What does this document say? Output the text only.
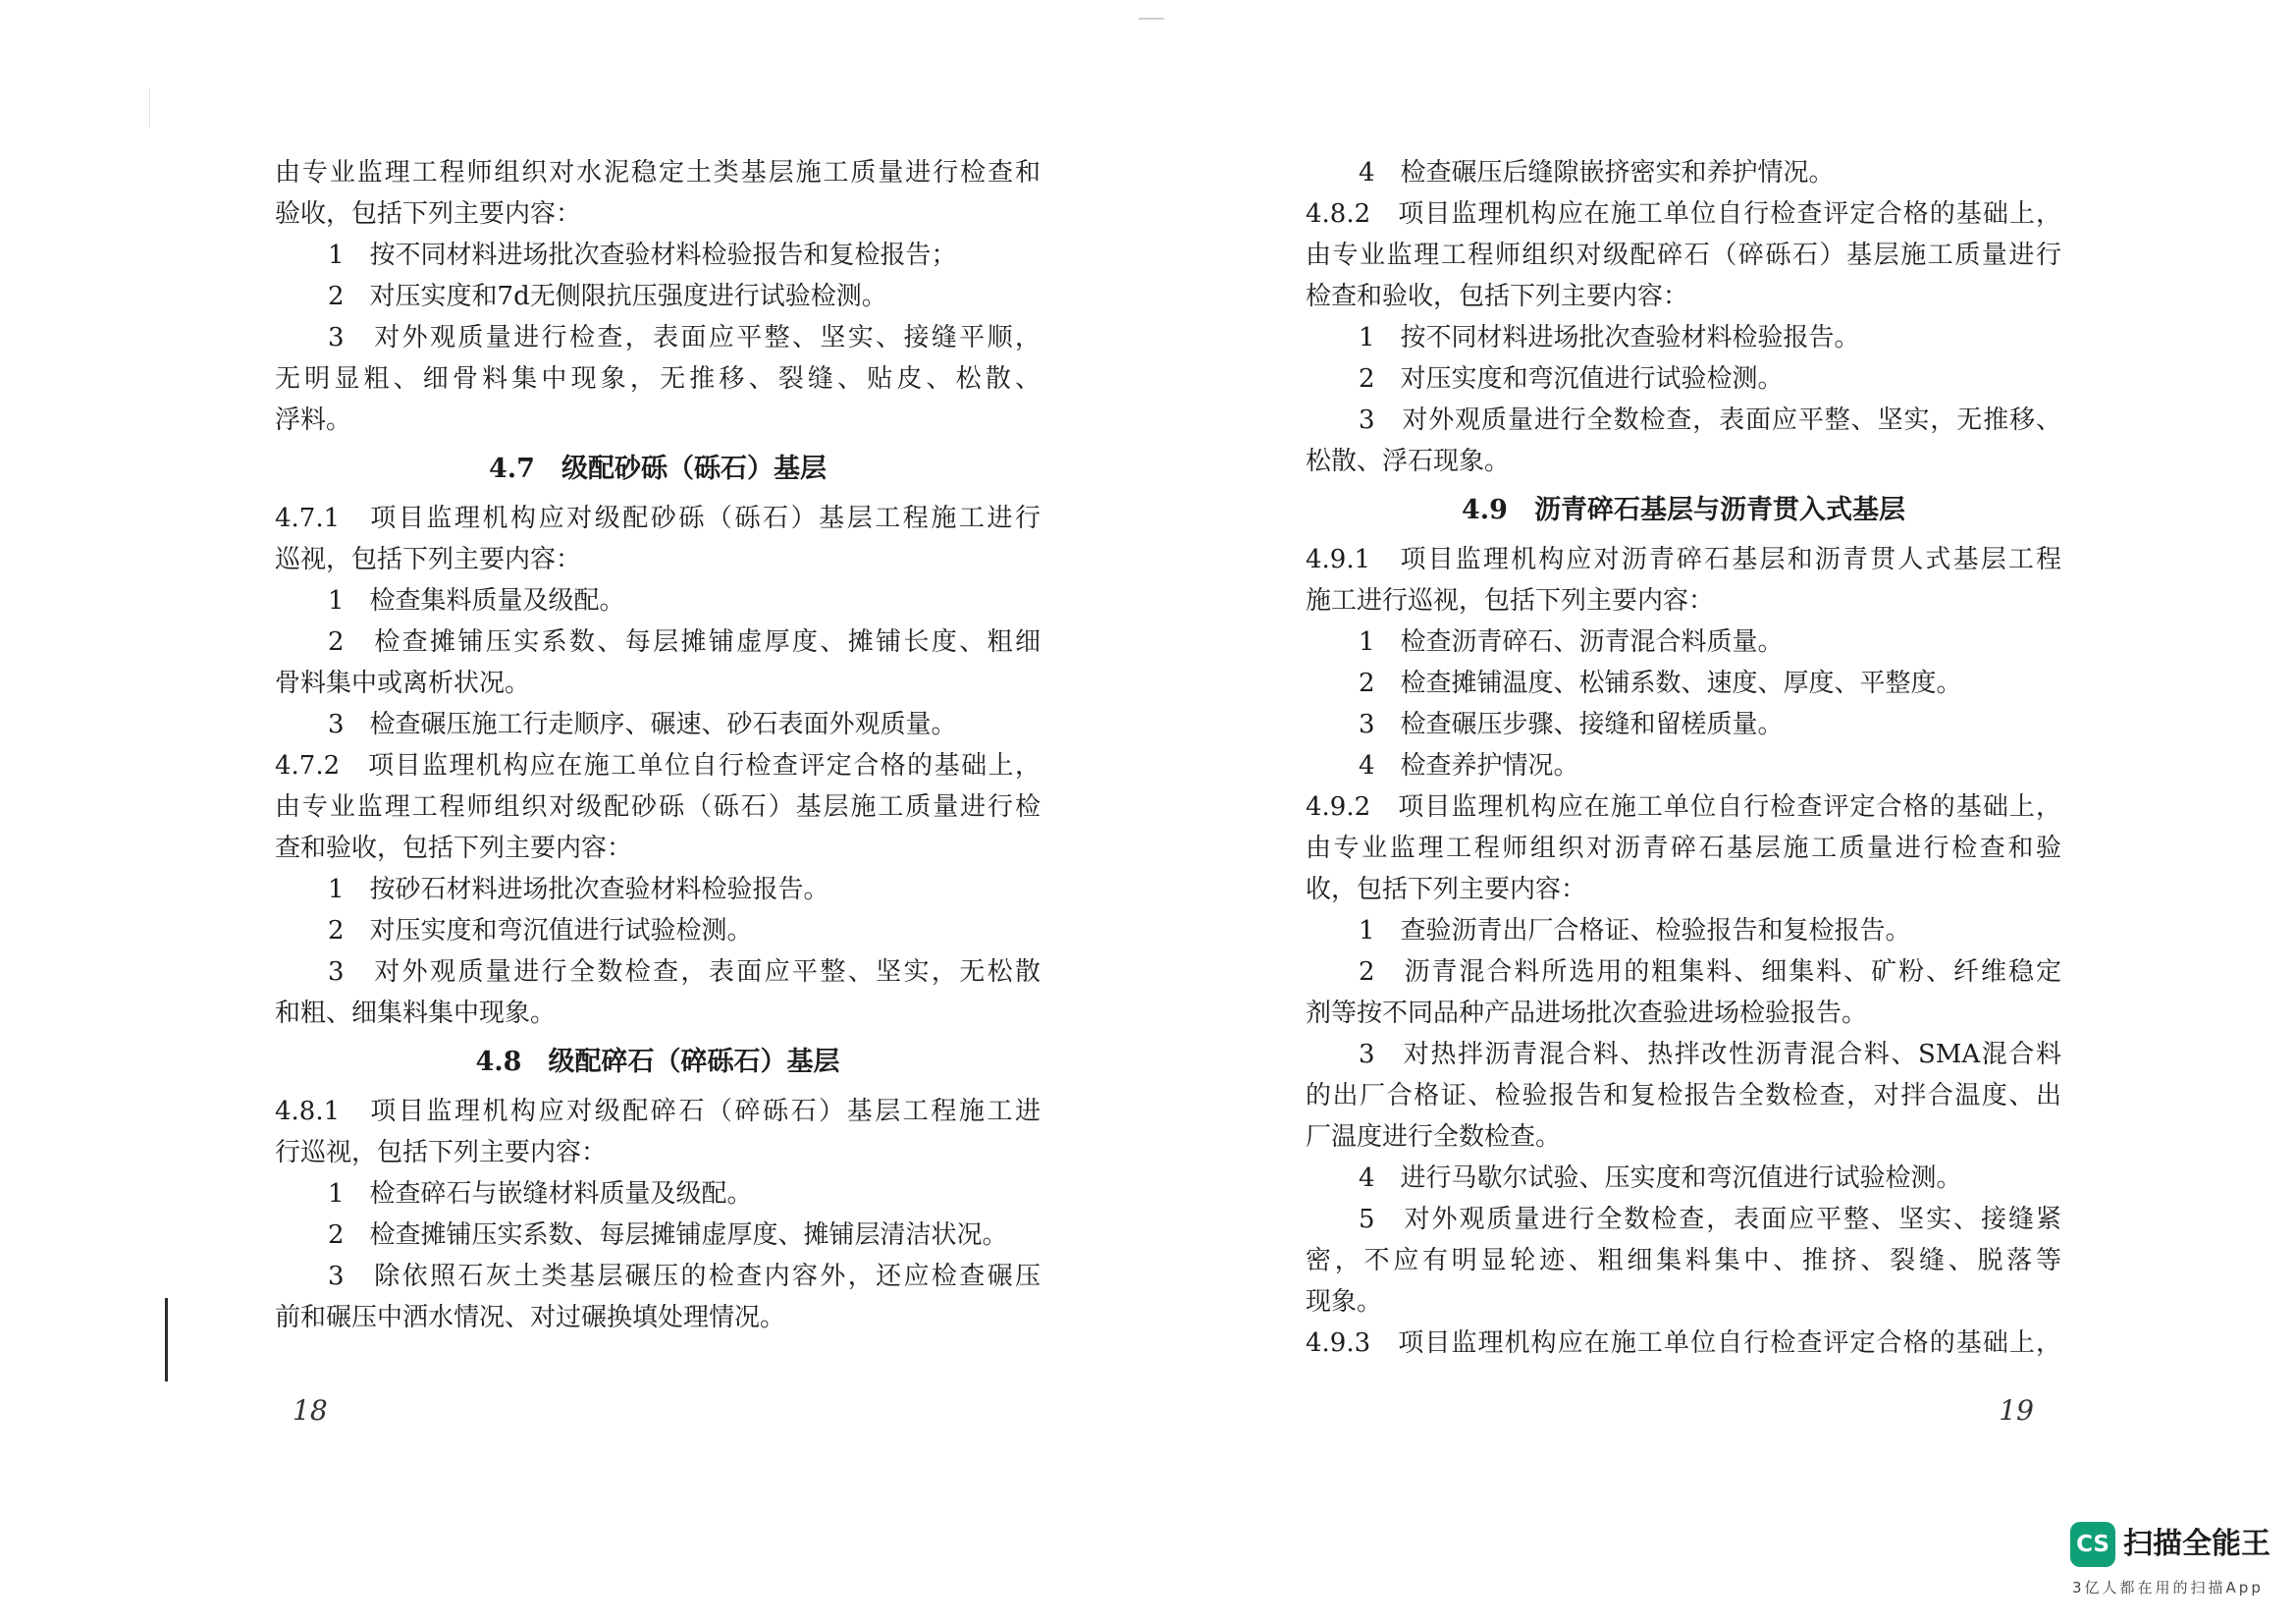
由专业监理工程师组织对水泥稳定土类基层施工质量进行检查和
验收，包括下列主要内容：
1　按不同材料进场批次查验材料检验报告和复检报告；
2　对压实度和7d无侧限抗压强度进行试验检测。
3　对外观质量进行检查，表面应平整、坚实、接缝平顺，
无明显粗、细骨料集中现象，无推移、裂缝、贴皮、松散、
浮料。
4.7　级配砂砾（砾石）基层
4.7.1　项目监理机构应对级配砂砾（砾石）基层工程施工进行
巡视，包括下列主要内容：
1　检查集料质量及级配。
2　检查摊铺压实系数、每层摊铺虚厚度、摊铺长度、粗细
骨料集中或离析状况。
3　检查碾压施工行走顺序、碾速、砂石表面外观质量。
4.7.2　项目监理机构应在施工单位自行检查评定合格的基础上，
由专业监理工程师组织对级配砂砾（砾石）基层施工质量进行检
查和验收，包括下列主要内容：
1　按砂石材料进场批次查验材料检验报告。
2　对压实度和弯沉值进行试验检测。
3　对外观质量进行全数检查，表面应平整、坚实，无松散
和粗、细集料集中现象。
4.8　级配碎石（碎砾石）基层
4.8.1　项目监理机构应对级配碎石（碎砾石）基层工程施工进
行巡视，包括下列主要内容：
1　检查碎石与嵌缝材料质量及级配。
2　检查摊铺压实系数、每层摊铺虚厚度、摊铺层清洁状况。
3　除依照石灰土类基层碾压的检查内容外，还应检查碾压
前和碾压中洒水情况、对过碾换填处理情况。
18
4　检查碾压后缝隙嵌挤密实和养护情况。
4.8.2　项目监理机构应在施工单位自行检查评定合格的基础上，
由专业监理工程师组织对级配碎石（碎砾石）基层施工质量进行
检查和验收，包括下列主要内容：
1　按不同材料进场批次查验材料检验报告。
2　对压实度和弯沉值进行试验检测。
3　对外观质量进行全数检查，表面应平整、坚实，无推移、
松散、浮石现象。
4.9　沥青碎石基层与沥青贯入式基层
4.9.1　项目监理机构应对沥青碎石基层和沥青贯人式基层工程
施工进行巡视，包括下列主要内容：
1　检查沥青碎石、沥青混合料质量。
2　检查摊铺温度、松铺系数、速度、厚度、平整度。
3　检查碾压步骤、接缝和留槎质量。
4　检查养护情况。
4.9.2　项目监理机构应在施工单位自行检查评定合格的基础上，
由专业监理工程师组织对沥青碎石基层施工质量进行检查和验
收，包括下列主要内容：
1　查验沥青出厂合格证、检验报告和复检报告。
2　沥青混合料所选用的粗集料、细集料、矿粉、纤维稳定
剂等按不同品种产品进场批次查验进场检验报告。
3　对热拌沥青混合料、热拌改性沥青混合料、SMA混合料
的出厂合格证、检验报告和复检报告全数检查，对拌合温度、出
厂温度进行全数检查。
4　进行马歇尔试验、压实度和弯沉值进行试验检测。
5　对外观质量进行全数检查，表面应平整、坚实、接缝紧
密，不应有明显轮迹、粗细集料集中、推挤、裂缝、脱落等
现象。
4.9.3　项目监理机构应在施工单位自行检查评定合格的基础上，
19
CS 扫描全能王
3亿人都在用的扫描App
